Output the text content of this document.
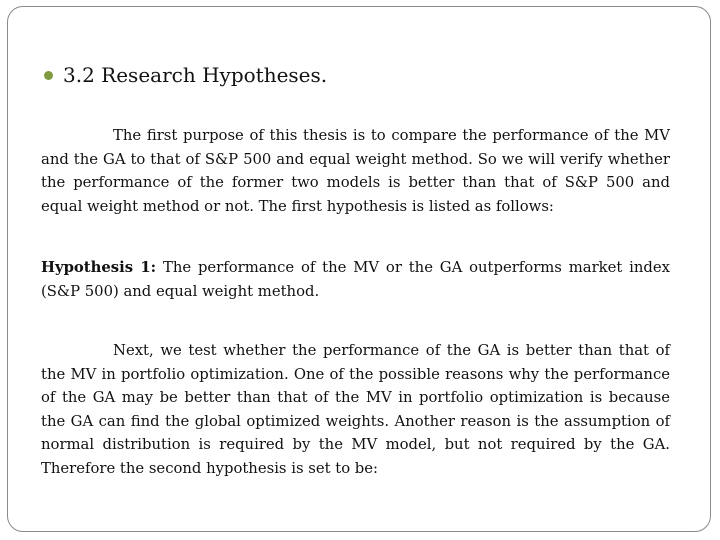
3.2 Research Hypotheses.

The first purpose of this thesis is to compare the performance of the MV and the GA to that of S&P 500 and equal weight method. So we will verify whether the performance of the former two models is better than that of S&P 500 and equal weight method or not. The first hypothesis is listed as follows:

Hypothesis 1: The performance of the MV or the GA outperforms market index (S&P 500) and equal weight method.

Next, we test whether the performance of the GA is better than that of the MV in portfolio optimization. One of the possible reasons why the performance of the GA may be better than that of the MV in portfolio optimization is because the GA can find the global optimized weights. Another reason is the assumption of normal distribution is required by the MV model, but not required by the GA. Therefore the second hypothesis is set to be:
